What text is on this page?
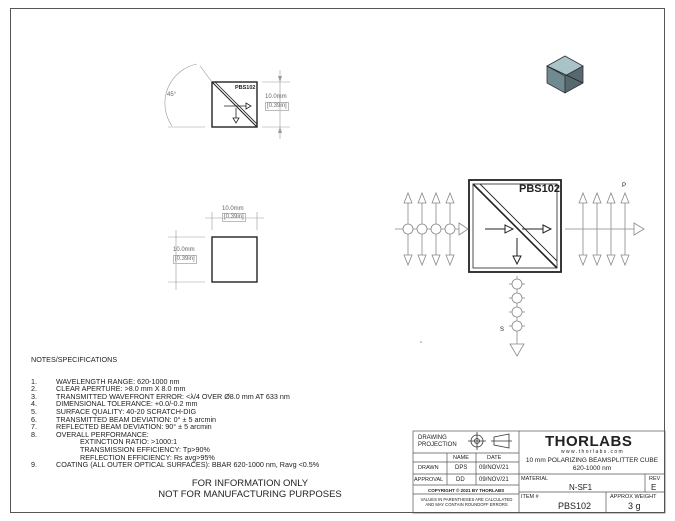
45°
PBS102
10.0mm
[0.39in]
10.0mm
[0.39in]
10.0mm
[0.39in]
PBS102	P
S
NOTES/SPECIFICATIONS
1.	WAVELENGTH RANGE: 620-1000 nm
2.	CLEAR APERTURE: >8.0 mm X 8.0 mm
3.	TRANSMITTED WAVEFRONT ERROR: <λ/4 OVER Ø8.0 mm AT 633 nm
4.	DIMENSIONAL TOLERANCE: +0.0/-0.2 mm
5.	SURFACE QUALITY: 40-20 SCRATCH-DIG
6.	TRANSMITTED BEAM DEVIATION: 0° ± 5 arcmin
7.	REFLECTED BEAM DEVIATION: 90° ± 5 arcmin
8.	OVERALL PERFORMANCE:
EXTINCTION RATIO: >1000:1
TRANSMISSION EFFICIENCY: Tp>90%
REFLECTION EFFICIENCY: Rs avg>95%
9.	COATING (ALL OUTER OPTICAL SURFACES): BBAR 620-1000 nm, Ravg <0.5%
FOR INFORMATION ONLY
NOT FOR MANUFACTURING PURPOSES
DRAWING
PROJECTION
NAME	DATE
DRAWN	DPS 09/NOV/21
APPROVAL DD 09/NOV/21
COPYRIGHT © 2021 BY THORLABS
VALUES IN PARENTHESES ARE CALCULATED AND MAY CONTAIN ROUNDOFF ERRORS
THORLABS
w w w . t h o r l a b s . c o m
10 mm POLARIZING BEAMSPLITTER CUBE 620-1000 nm
MATERIAL
N-SF1
REV
E
ITEM #
PBS102
APPROX WEIGHT
3 g
